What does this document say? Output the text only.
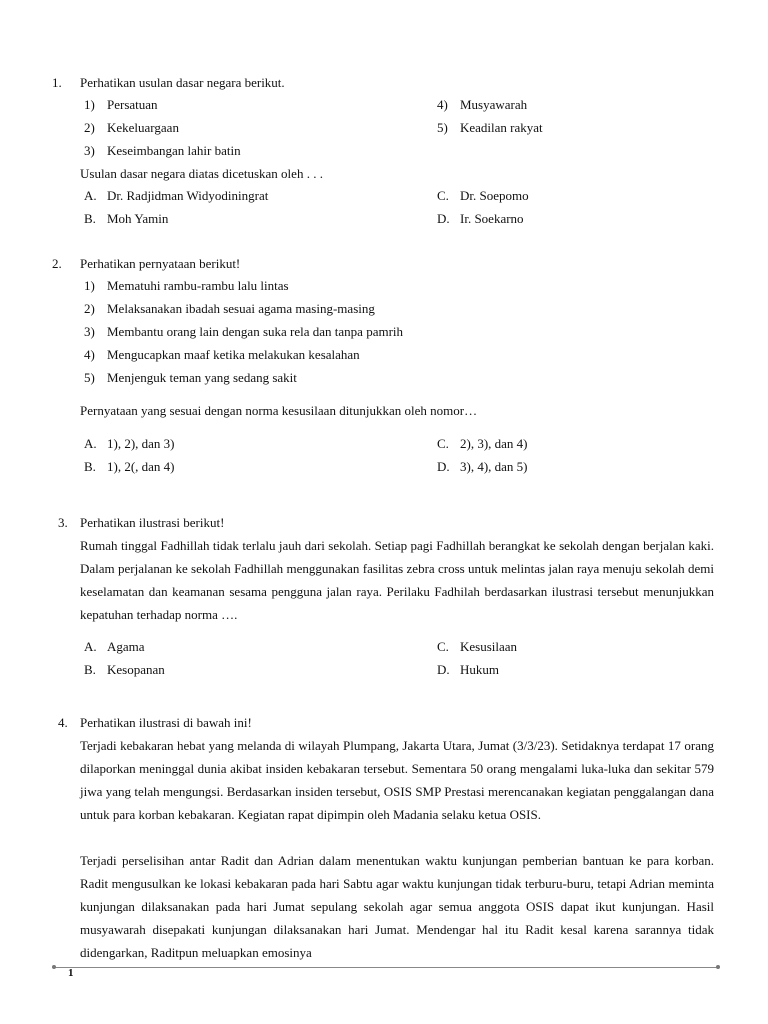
1.	Perhatikan usulan dasar negara berikut.
1) Persatuan
2) Kekeluargaan
3) Keseimbangan lahir batin
4) Musyawarah
5) Keadilan rakyat
Usulan dasar negara diatas dicetuskan oleh . . .
A. Dr. Radjidman Widyodiningrat
B. Moh Yamin
C. Dr. Soepomo
D. Ir. Soekarno
2.	Perhatikan pernyataan berikut!
1) Mematuhi rambu-rambu lalu lintas
2) Melaksanakan ibadah sesuai agama masing-masing
3) Membantu orang lain dengan suka rela dan tanpa pamrih
4) Mengucapkan maaf ketika melakukan kesalahan
5) Menjenguk teman yang sedang sakit
Pernyataan yang sesuai dengan norma kesusilaan ditunjukkan oleh nomor…
A. 1), 2), dan 3)
B. 1), 2(, dan 4)
C. 2), 3), dan 4)
D. 3), 4), dan 5)
3. Perhatikan ilustrasi berikut!
Rumah tinggal Fadhillah tidak terlalu jauh dari sekolah. Setiap pagi Fadhillah berangkat ke sekolah dengan berjalan kaki. Dalam perjalanan ke sekolah Fadhillah menggunakan fasilitas zebra cross untuk melintas jalan raya menuju sekolah demi keselamatan dan keamanan sesama pengguna jalan raya. Perilaku Fadhilah berdasarkan ilustrasi tersebut menunjukkan kepatuhan terhadap norma ….
A. Agama
B. Kesopanan
C. Kesusilaan
D. Hukum
4. Perhatikan ilustrasi di bawah ini!
Terjadi kebakaran hebat yang melanda di wilayah Plumpang, Jakarta Utara, Jumat (3/3/23). Setidaknya terdapat 17 orang dilaporkan meninggal dunia akibat insiden kebakaran tersebut. Sementara 50 orang mengalami luka-luka dan sekitar 579 jiwa yang telah mengungsi. Berdasarkan insiden tersebut, OSIS SMP Prestasi merencanakan kegiatan penggalangan dana untuk para korban kebakaran. Kegiatan rapat dipimpin oleh Madania selaku ketua OSIS.
Terjadi perselisihan antar Radit dan Adrian dalam menentukan waktu kunjungan pemberian bantuan ke para korban. Radit mengusulkan ke lokasi kebakaran pada hari Sabtu agar waktu kunjungan tidak terburu-buru, tetapi Adrian meminta kunjungan dilaksanakan pada hari Jumat sepulang sekolah agar semua anggota OSIS dapat ikut kunjungan. Hasil musyawarah disepakati kunjungan dilaksanakan hari Jumat. Mendengar hal itu Radit kesal karena sarannya tidak didengarkan, Raditpun meluapkan emosinya
1
